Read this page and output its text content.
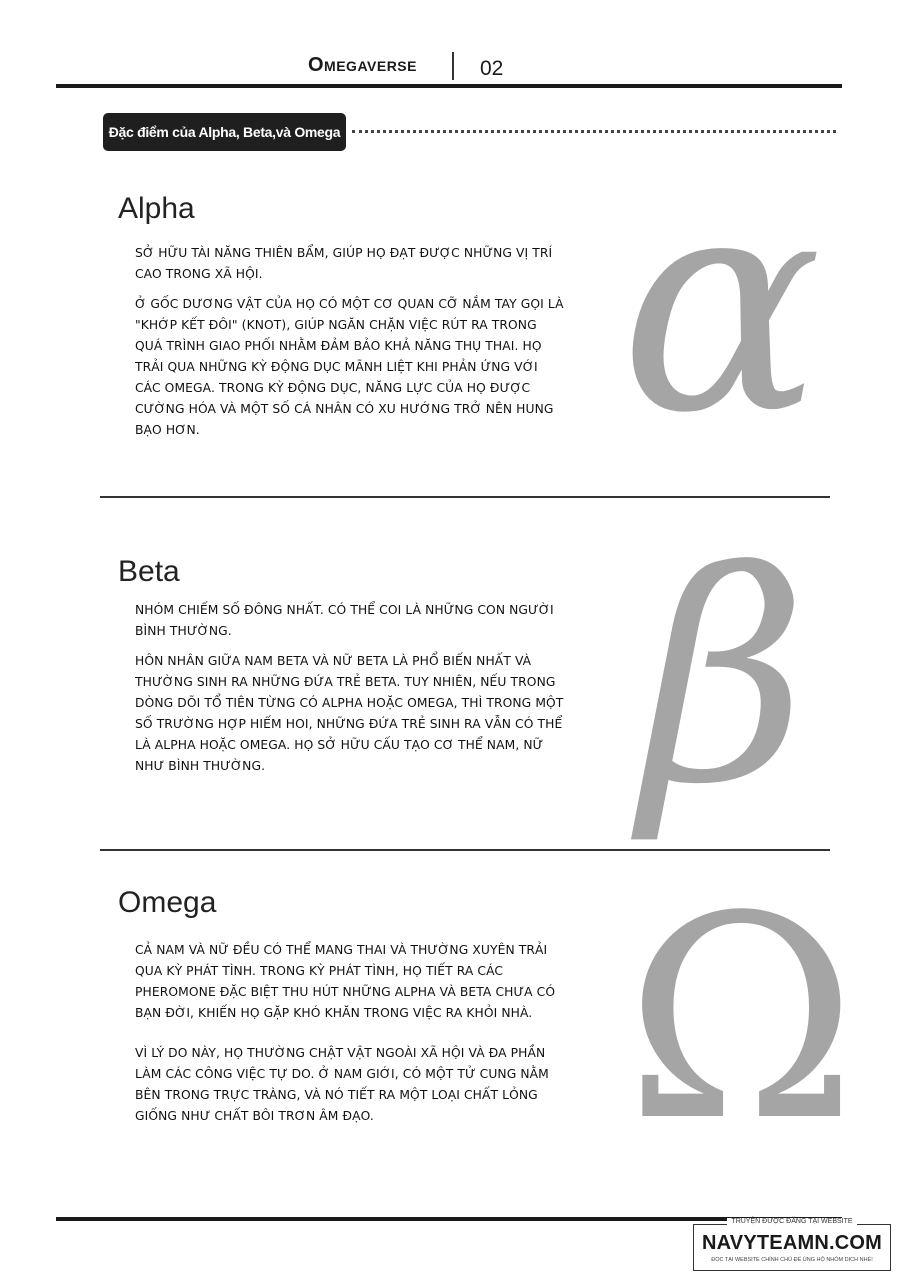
Omegaverse	02
Đặc điểm của Alpha, Beta,và Omega
Alpha

SỞ HỮU TÀI NĂNG THIÊN BẨM, GIÚP HỌ ĐẠT ĐƯỢC NHỮNG VỊ TRÍ CAO TRONG XÃ HỘI.

Ở GỐC DƯƠNG VẬT CỦA HỌ CÓ MỘT CƠ QUAN CỠ NẮM TAY GỌI LÀ "KHỚP KẾT ĐÔI" (KNOT), GIÚP NGĂN CHẶN VIỆC RÚT RA TRONG QUÁ TRÌNH GIAO PHỐI NHẰM ĐẢM BẢO KHẢ NĂNG THỤ THAI. HỌ TRẢI QUA NHỮNG KỲ ĐỘNG DỤC MÃNH LIỆT KHI PHẢN ỨNG VỚI CÁC OMEGA. TRONG KỲ ĐỘNG DỤC, NĂNG LỰC CỦA HỌ ĐƯỢC CƯỜNG HÓA VÀ MỘT SỐ CÁ NHÂN CÓ XU HƯỚNG TRỞ NÊN HUNG BẠO HƠN.	α
Beta

NHÓM CHIẾM SỐ ĐÔNG NHẤT. CÓ THỂ COI LÀ NHỮNG CON NGƯỜI BÌNH THƯỜNG.

HÔN NHÂN GIỮA NAM BETA VÀ NỮ BETA LÀ PHỔ BIẾN NHẤT VÀ THƯỜNG SINH RA NHỮNG ĐỨA TRẺ BETA. TUY NHIÊN, NẾU TRONG DÒNG DÕI TỔ TIÊN TỪNG CÓ ALPHA HOẶC OMEGA, THÌ TRONG MỘT SỐ TRƯỜNG HỢP HIẾM HOI, NHỮNG ĐỨA TRẺ SINH RA VẪN CÓ THỂ LÀ ALPHA HOẶC OMEGA. HỌ SỞ HỮU CẤU TẠO CƠ THỂ NAM, NỮ NHƯ BÌNH THƯỜNG.	β
Omega

CẢ NAM VÀ NỮ ĐỀU CÓ THỂ MANG THAI VÀ THƯỜNG XUYÊN TRẢI QUA KỲ PHÁT TÌNH. TRONG KỲ PHÁT TÌNH, HỌ TIẾT RA CÁC PHEROMONE ĐẶC BIỆT THU HÚT NHỮNG ALPHA VÀ BETA CHƯA CÓ BẠN ĐỜI, KHIẾN HỌ GẶP KHÓ KHĂN TRONG VIỆC RA KHỎI NHÀ.

VÌ LÝ DO NÀY, HỌ THƯỜNG CHẬT VẬT NGOÀI XÃ HỘI VÀ ĐA PHẦN LÀM CÁC CÔNG VIỆC TỰ DO. Ở NAM GIỚI, CÓ MỘT TỬ CUNG NẰM BÊN TRONG TRỰC TRÀNG, VÀ NÓ TIẾT RA MỘT LOẠI CHẤT LỎNG GIỐNG NHƯ CHẤT BÔI TRƠN ÂM ĐẠO. Ω
TRUYỆN ĐƯỢC ĐĂNG TẠI WEBSITE
NAVYTEAMN.COM
ĐỌC TẠI WEBSITE CHÍNH CHỦ ĐỂ ỦNG HỘ NHÓM DỊCH NHÉ!
